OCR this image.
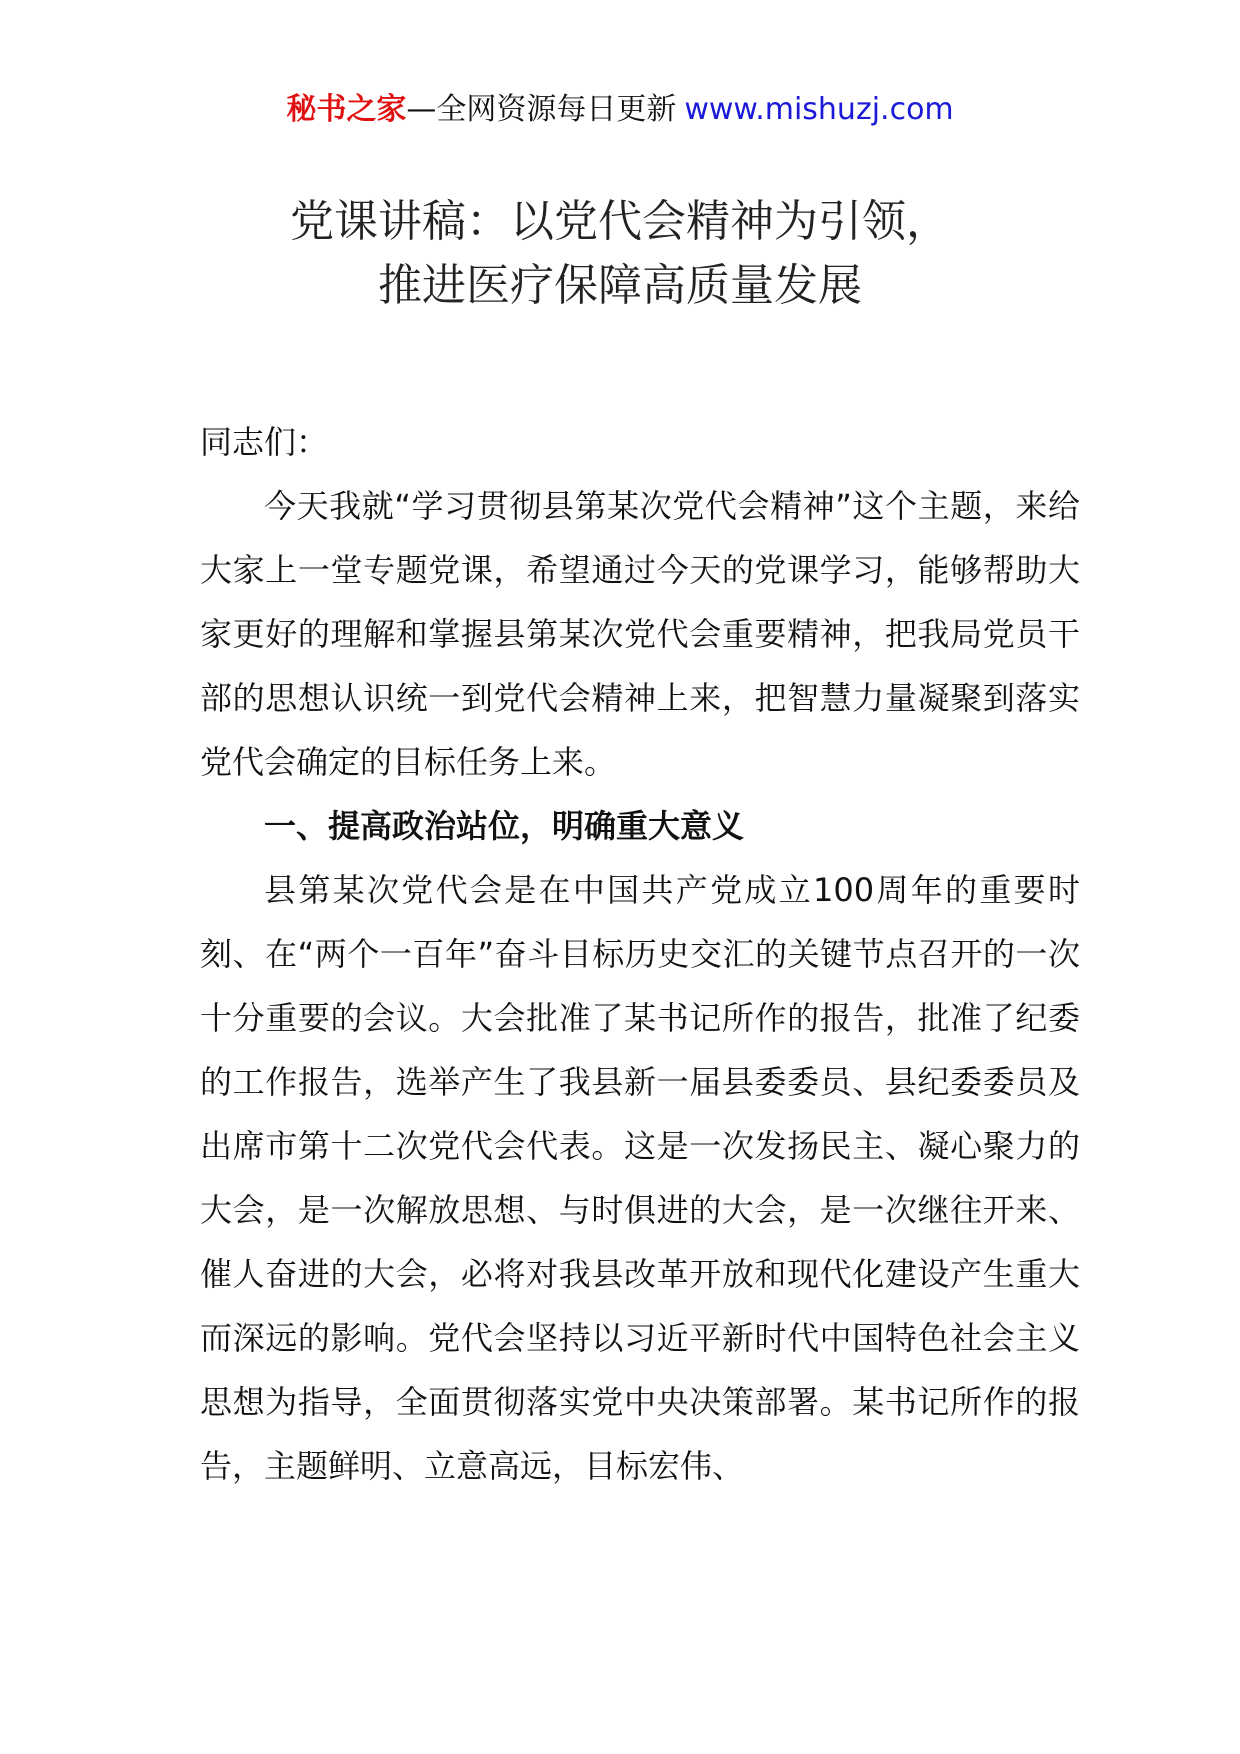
秘书之家—全网资源每日更新 www.mishuzj.com
党课讲稿：以党代会精神为引领，
推进医疗保障高质量发展

同志们：

今天我就“学习贯彻县第某次党代会精神”这个主题，来给大家上一堂专题党课，希望通过今天的党课学习，能够帮助大家更好的理解和掌握县第某次党代会重要精神，把我局党员干部的思想认识统一到党代会精神上来，把智慧力量凝聚到落实党代会确定的目标任务上来。

一、提高政治站位，明确重大意义

县第某次党代会是在中国共产党成立100周年的重要时刻、在“两个一百年”奋斗目标历史交汇的关键节点召开的一次十分重要的会议。大会批准了某书记所作的报告，批准了纪委的工作报告，选举产生了我县新一届县委委员、县纪委委员及出席市第十二次党代会代表。这是一次发扬民主、凝心聚力的大会，是一次解放思想、与时俱进的大会，是一次继往开来、催人奋进的大会，必将对我县改革开放和现代化建设产生重大而深远的影响。党代会坚持以习近平新时代中国特色社会主义思想为指导，全面贯彻落实党中央决策部署。某书记所作的报告，主题鲜明、立意高远，目标宏伟、
